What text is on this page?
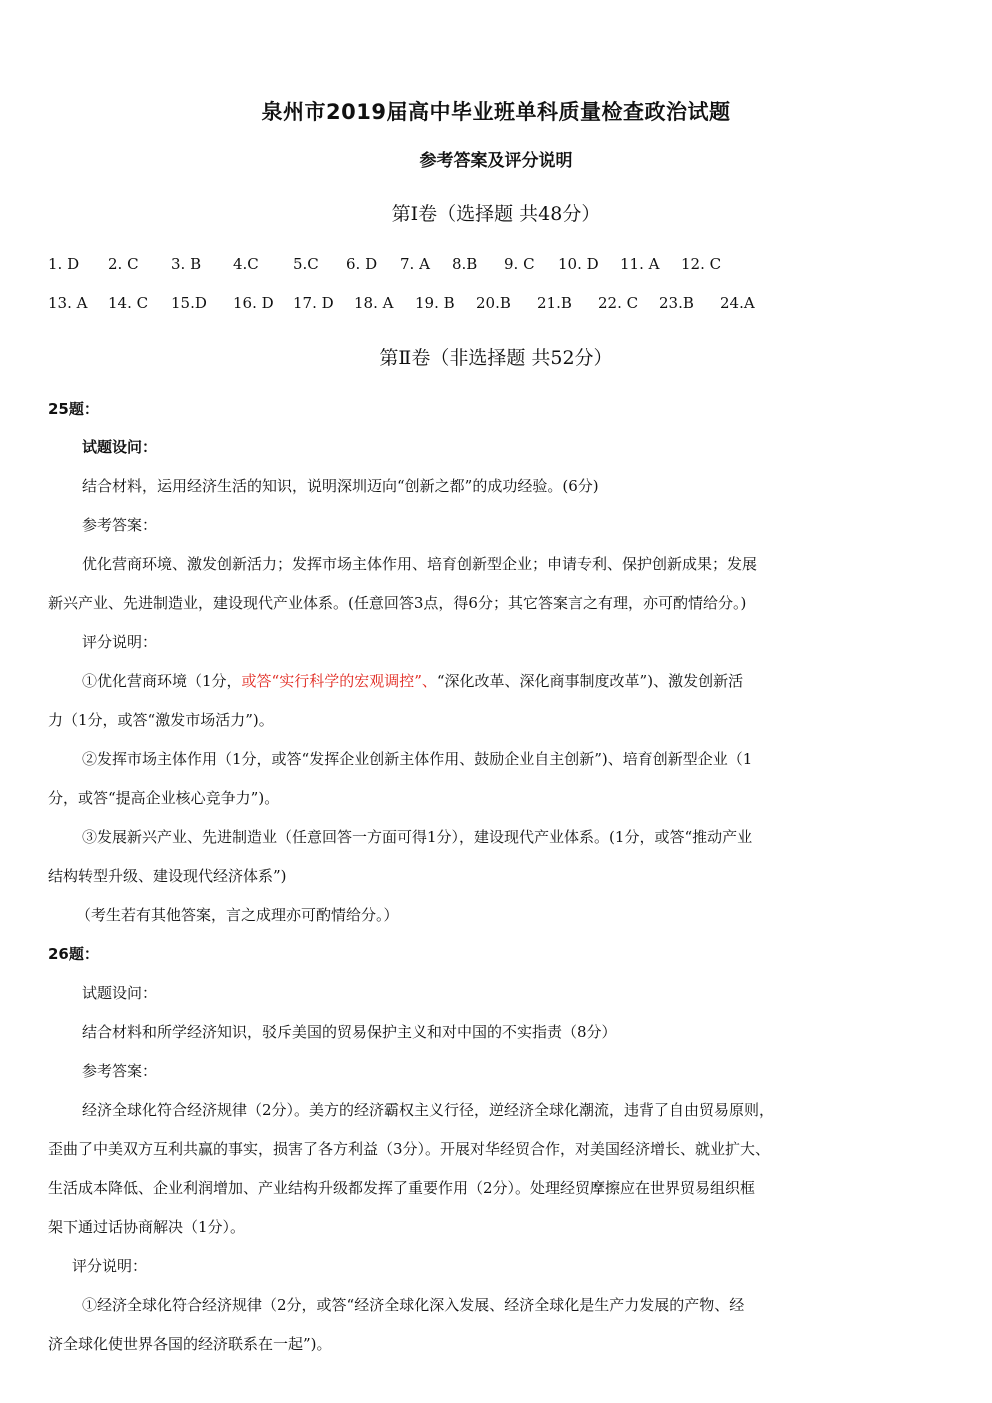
泉州市2019届高中毕业班单科质量检查政治试题
参考答案及评分说明
第Ⅰ卷（选择题 共48分）
1. D 2. C 3. B 4.C 5.C 6. D 7. A 8.B 9. C 10. D 11. A 12. C
13. A 14. C 15.D 16. D 17. D 18. A 19. B 20.B 21.B 22. C 23.B 24.A
第Ⅱ卷（非选择题 共52分）
25题：
试题设问：
结合材料，运用经济生活的知识，说明深圳迈向“创新之都”的成功经验。(6分)
参考答案：
优化营商环境、激发创新活力；发挥市场主体作用、培育创新型企业；申请专利、保护创新成果；发展
新兴产业、先进制造业，建设现代产业体系。(任意回答3点，得6分；其它答案言之有理，亦可酌情给分。)
评分说明：
①优化营商环境（1分，或答“实行科学的宏观调控”、“深化改革、深化商事制度改革”)、激发创新活
力（1分，或答“激发市场活力”)。
②发挥市场主体作用（1分，或答“发挥企业创新主体作用、鼓励企业自主创新”)、培育创新型企业（1
分，或答“提高企业核心竞争力”)。
③发展新兴产业、先进制造业（任意回答一方面可得1分），建设现代产业体系。(1分，或答“推动产业
结构转型升级、建设现代经济体系”)
（考生若有其他答案，言之成理亦可酌情给分。）
26题：
试题设问：
结合材料和所学经济知识，驳斥美国的贸易保护主义和对中国的不实指责（8分）
参考答案：
经济全球化符合经济规律（2分）。美方的经济霸权主义行径，逆经济全球化潮流，违背了自由贸易原则，
歪曲了中美双方互利共赢的事实，损害了各方利益（3分）。开展对华经贸合作，对美国经济增长、就业扩大、
生活成本降低、企业利润增加、产业结构升级都发挥了重要作用（2分）。处理经贸摩擦应在世界贸易组织框
架下通过话协商解决（1分）。
评分说明：
①经济全球化符合经济规律（2分，或答“经济全球化深入发展、经济全球化是生产力发展的产物、经
济全球化使世界各国的经济联系在一起”)。
